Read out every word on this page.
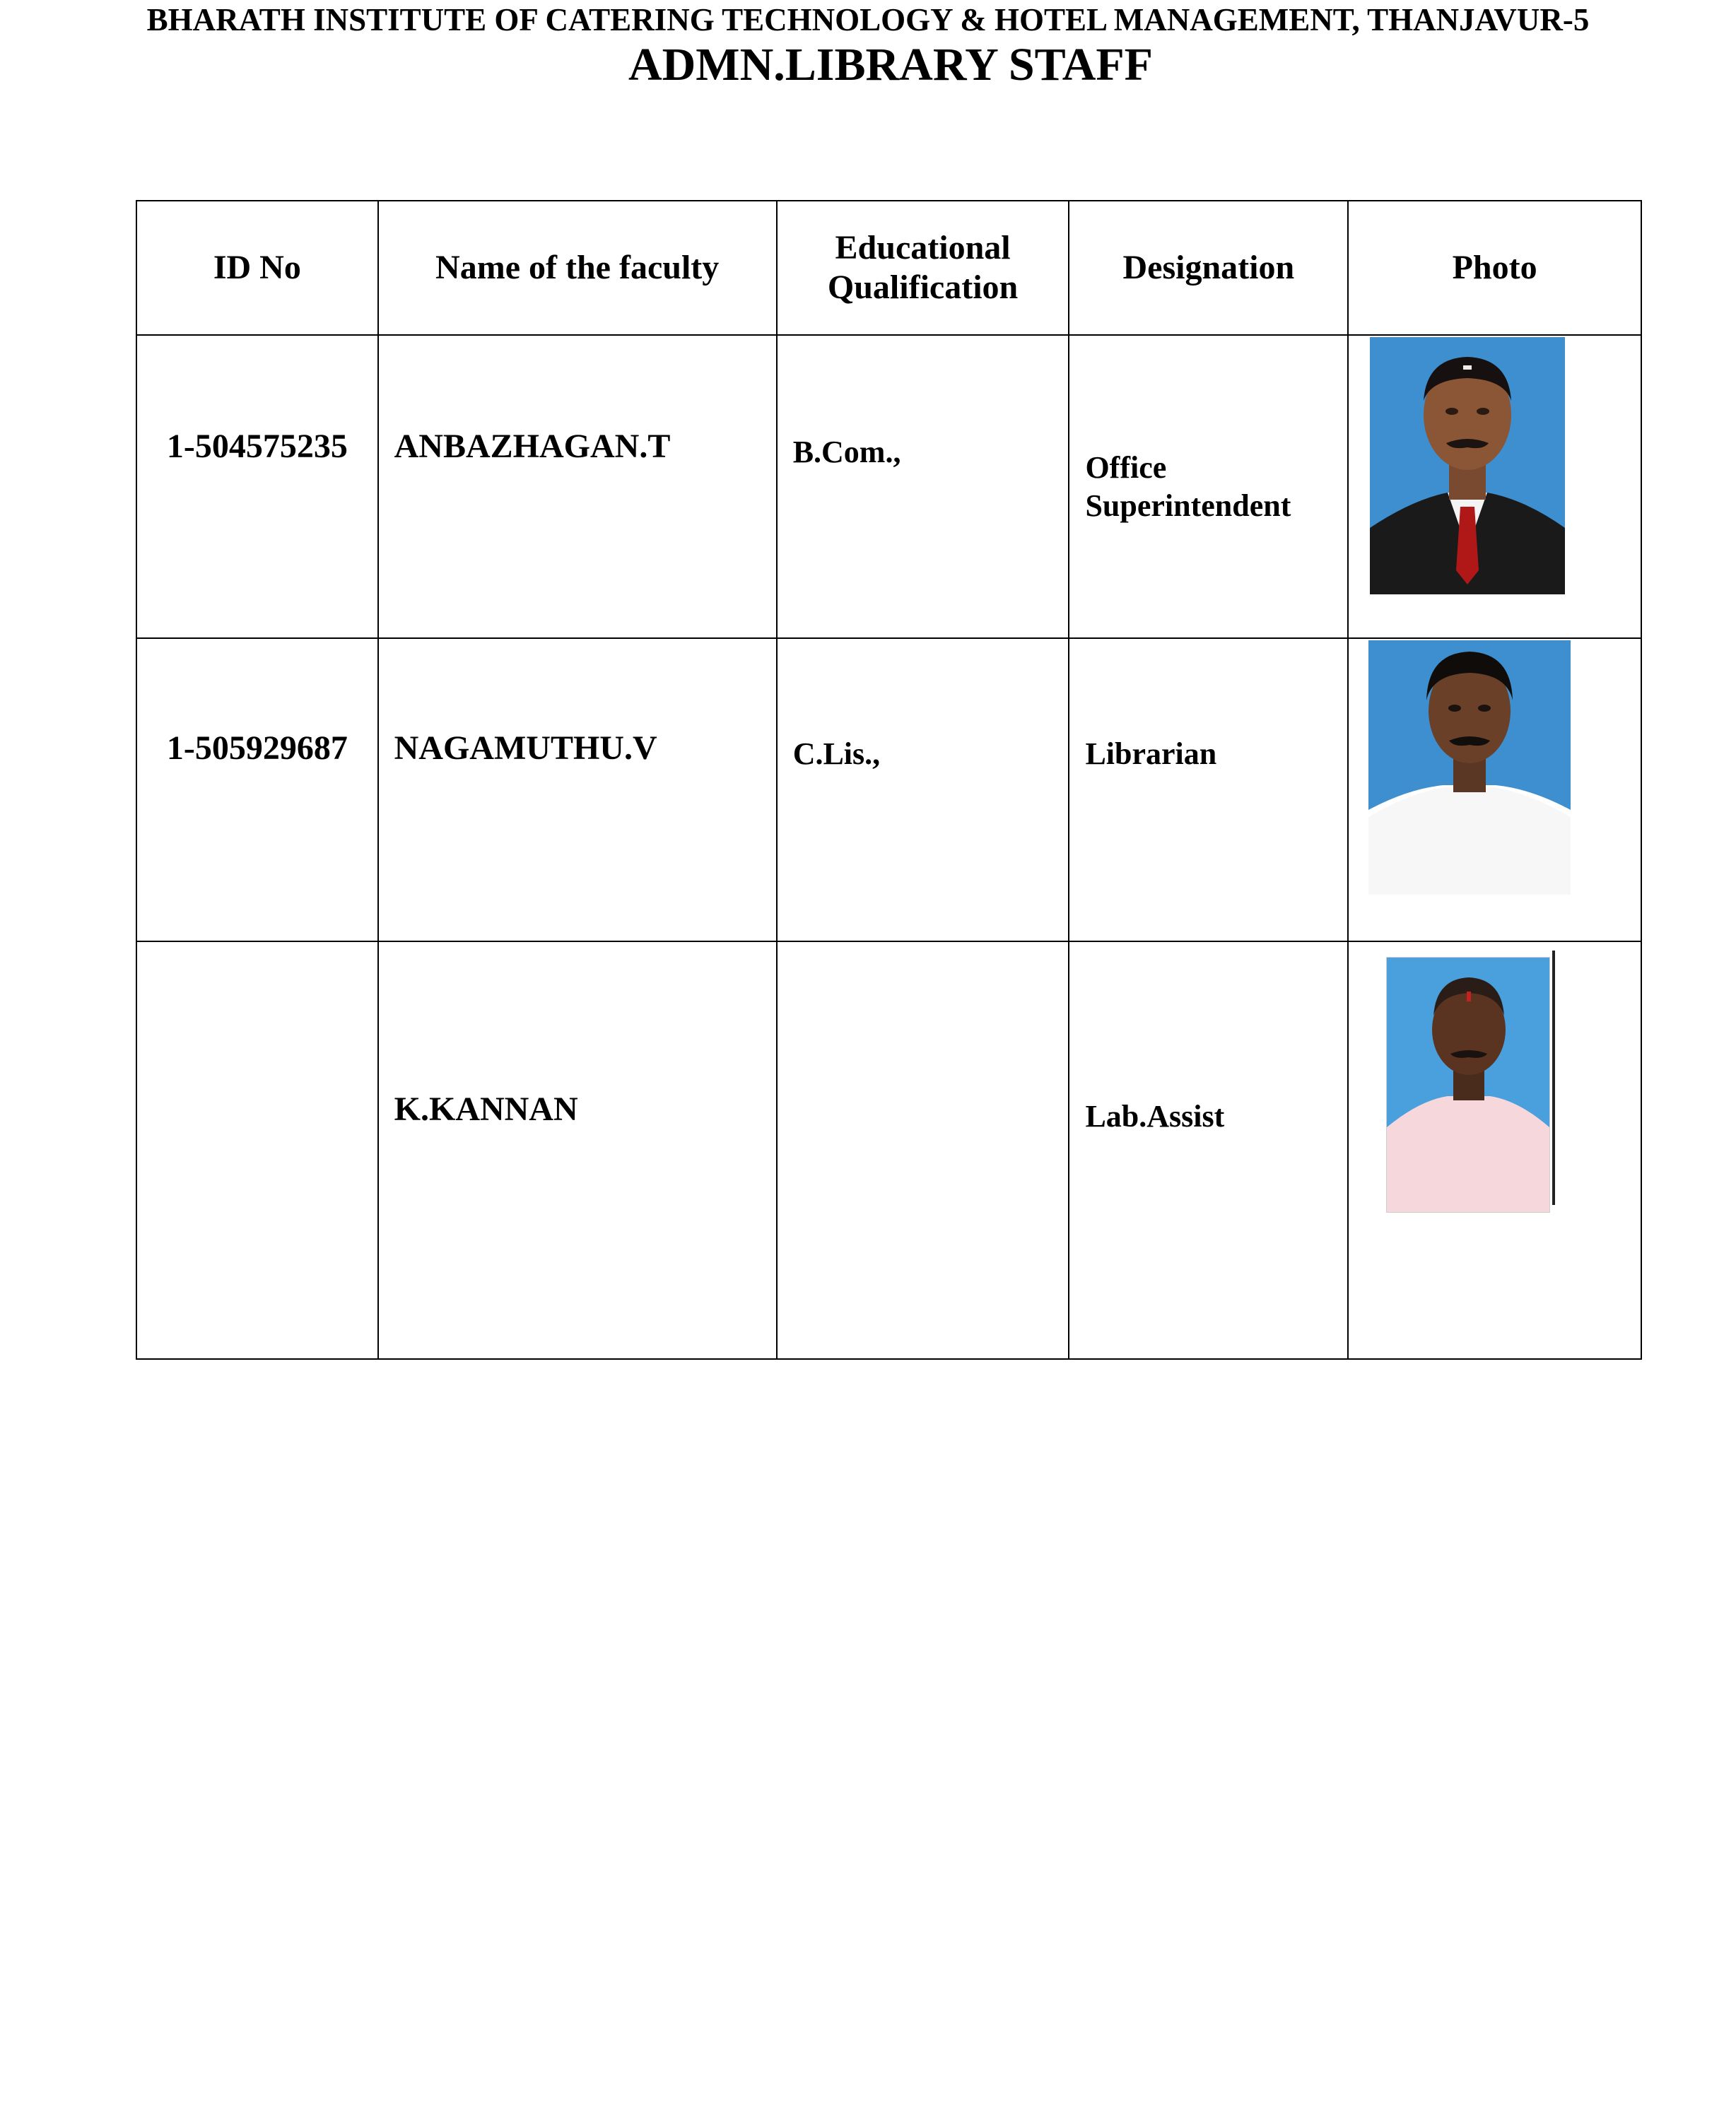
BHARATH INSTITUTE OF CATERING TECHNOLOGY & HOTEL MANAGEMENT, THANJAVUR-5
ADMN.LIBRARY STAFF
ID No	Name of the faculty	Educational Qualification	Designation	Photo

1-504575235	ANBAZHAGAN.T	B.Com.,	Office Superintendent

1-505929687	NAGAMUTHU.V	C.Lis.,	Librarian

	K.KANNAN		Lab.Assist
